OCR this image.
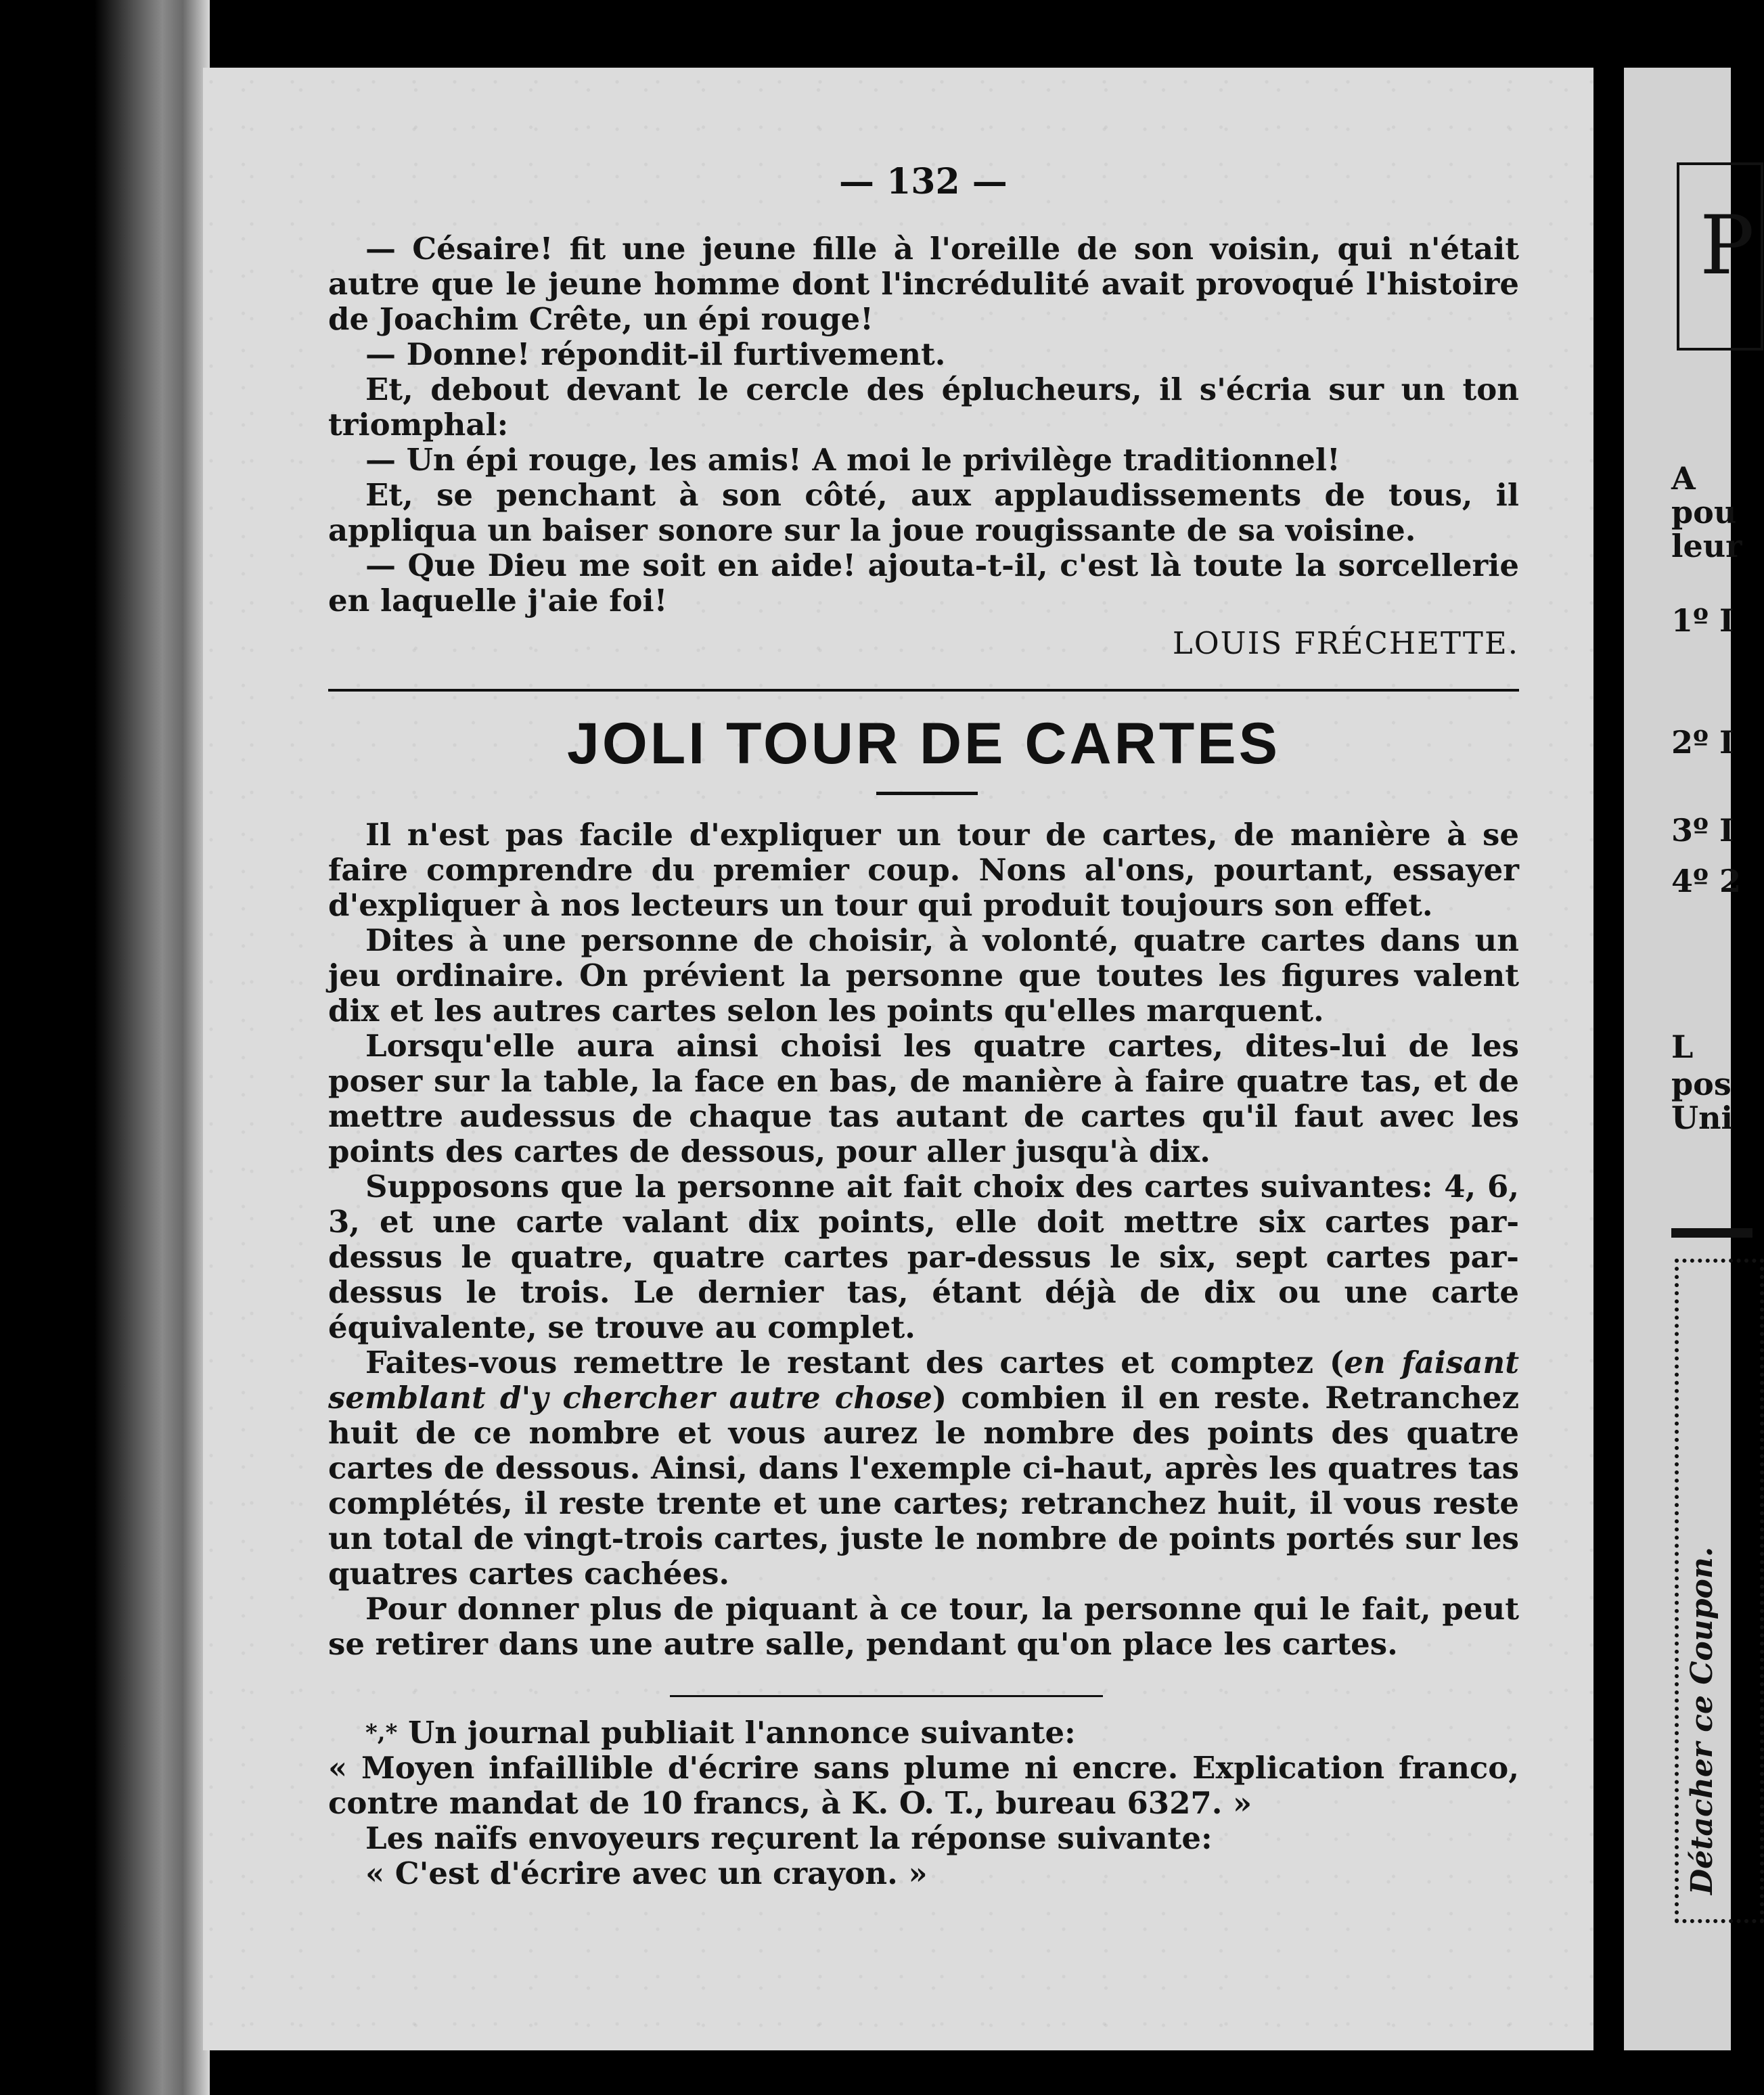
— 132 —

— Césaire! fit une jeune fille à l'oreille de son voisin, qui n'était autre que le jeune homme dont l'incrédulité avait provoqué l'histoire de Joachim Crête, un épi rouge!

— Donne! répondit-il furtivement.

Et, debout devant le cercle des éplucheurs, il s'écria sur un ton triomphal:

— Un épi rouge, les amis! A moi le privilège traditionnel!

Et, se penchant à son côté, aux applaudissements de tous, il appliqua un baiser sonore sur la joue rougissante de sa voisine.

— Que Dieu me soit en aide! ajouta-t-il, c'est là toute la sorcellerie en laquelle j'aie foi!

LOUIS FRÉCHETTE.
JOLI TOUR DE CARTES

Il n'est pas facile d'expliquer un tour de cartes, de manière à se faire comprendre du premier coup. Nons al'ons, pourtant, essayer d'expliquer à nos lecteurs un tour qui produit toujours son effet.

Dites à une personne de choisir, à volonté, quatre cartes dans un jeu ordinaire. On prévient la personne que toutes les figures valent dix et les autres cartes selon les points qu'elles marquent.

Lorsqu'elle aura ainsi choisi les quatre cartes, dites-lui de les poser sur la table, la face en bas, de manière à faire quatre tas, et de mettre audessus de chaque tas autant de cartes qu'il faut avec les points des cartes de dessous, pour aller jusqu'à dix.

Supposons que la personne ait fait choix des cartes suivantes: 4, 6, 3, et une carte valant dix points, elle doit mettre six cartes par-dessus le quatre, quatre cartes par-dessus le six, sept cartes par-dessus le trois. Le dernier tas, étant déjà de dix ou une carte équivalente, se trouve au complet.

Faites-vous remettre le restant des cartes et comptez (en faisant semblant d'y chercher autre chose) combien il en reste. Retranchez huit de ce nombre et vous aurez le nombre des points des quatre cartes de dessous. Ainsi, dans l'exemple ci-haut, après les quatres tas complétés, il reste trente et une cartes; retranchez huit, il vous reste un total de vingt-trois cartes, juste le nombre de points portés sur les quatres cartes cachées.

Pour donner plus de piquant à ce tour, la personne qui le fait, peut se retirer dans une autre salle, pendant qu'on place les cartes.

*,* Un journal publiait l'annonce suivante:

« Moyen infaillible d'écrire sans plume ni encre. Explication franco, contre mandat de 10 francs, à K. O. T., bureau 6327. »

Les naïfs envoyeurs reçurent la réponse suivante:

« C'est d'écrire avec un crayon. »

P
A
pou
leur
1º I
2º I
3º I
4º 2
L
pos
Uni
Détacher ce Coupon.
